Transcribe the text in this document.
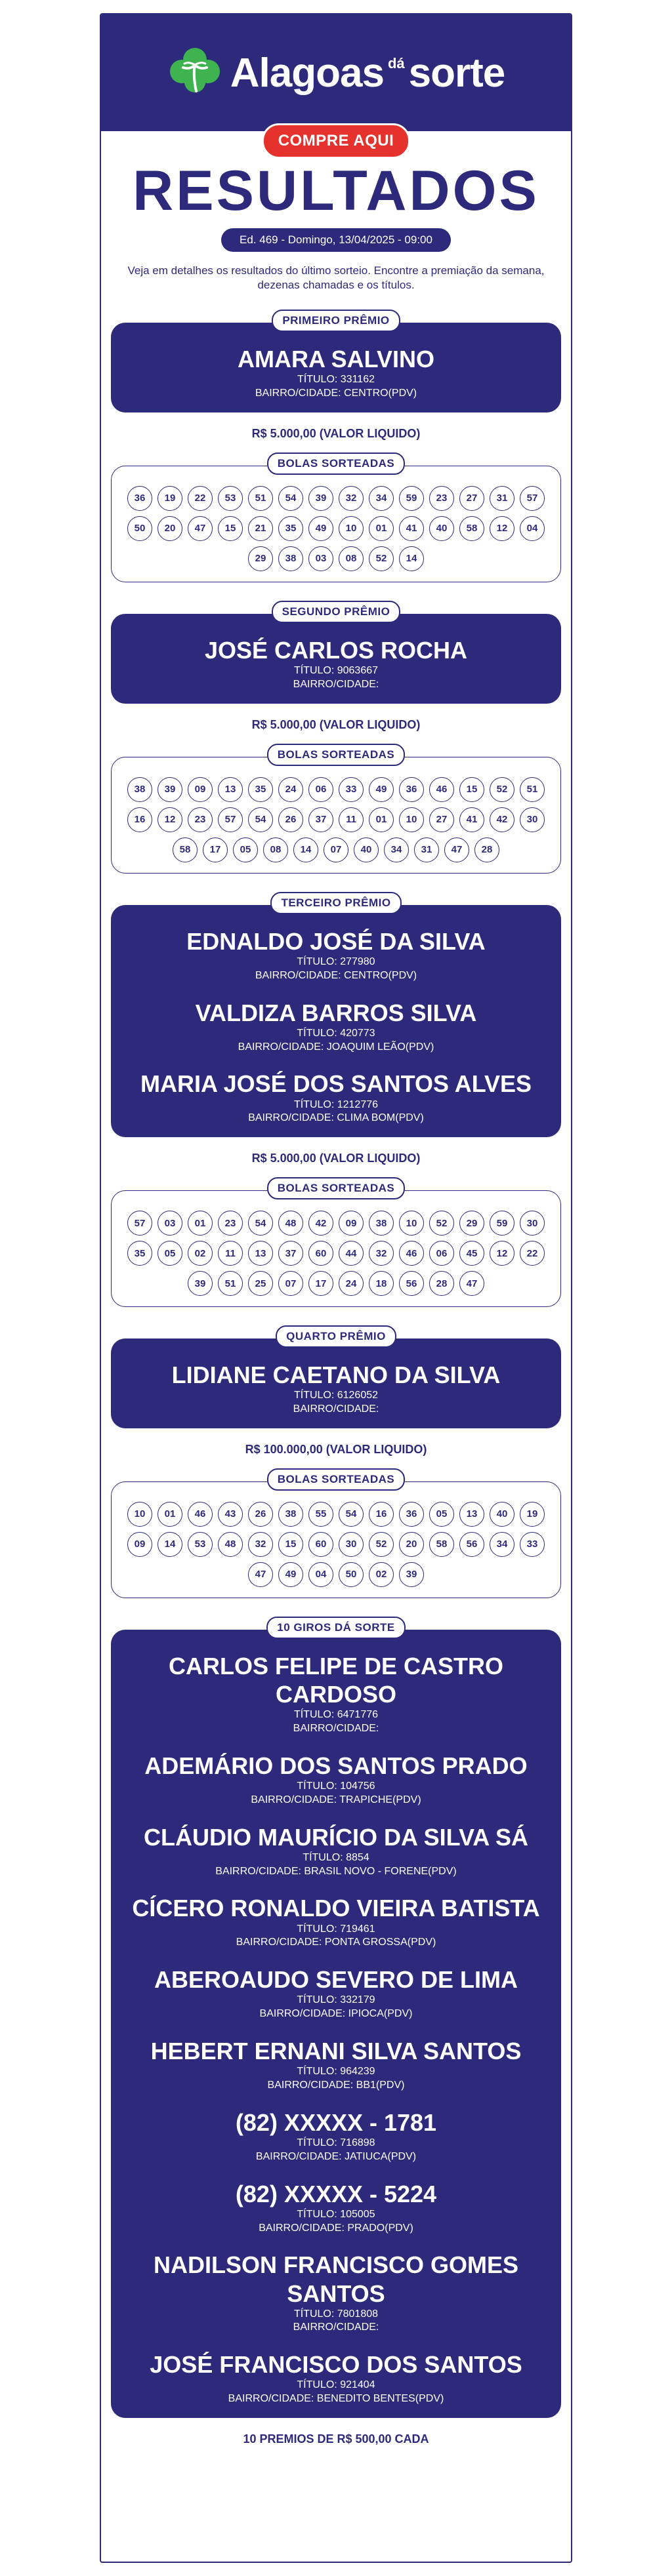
Alagoas dá sorte
COMPRE AQUI
RESULTADOS
Ed. 469 - Domingo, 13/04/2025 - 09:00
Veja em detalhes os resultados do último sorteio. Encontre a premiação da semana, dezenas chamadas e os títulos.
PRIMEIRO PRÊMIO
AMARA SALVINO
TÍTULO: 331162
BAIRRO/CIDADE: CENTRO(PDV)
R$ 5.000,00 (VALOR LIQUIDO)
BOLAS SORTEADAS
36	19	22	53	51	54	39	32	34	59	23	27	31	57
50	20	47	15	21	35	49	10	01	41	40	58	12	04
29	38	03	08	52	14
SEGUNDO PRÊMIO
JOSÉ CARLOS ROCHA
TÍTULO: 9063667
BAIRRO/CIDADE:
R$ 5.000,00 (VALOR LIQUIDO)
BOLAS SORTEADAS
38	39	09	13	35	24	06	33	49	36	46	15	52	51
16	12	23	57	54	26	37	11	01	10	27	41	42	30
58	17	05	08	14	07	40	34	31	47	28
TERCEIRO PRÊMIO
EDNALDO JOSÉ DA SILVA
TÍTULO: 277980
BAIRRO/CIDADE: CENTRO(PDV)
VALDIZA BARROS SILVA
TÍTULO: 420773
BAIRRO/CIDADE: JOAQUIM LEÃO(PDV)
MARIA JOSÉ DOS SANTOS ALVES
TÍTULO: 1212776
BAIRRO/CIDADE: CLIMA BOM(PDV)
R$ 5.000,00 (VALOR LIQUIDO)
BOLAS SORTEADAS
57	03	01	23	54	48	42	09	38	10	52	29	59	30
35	05	02	11	13	37	60	44	32	46	06	45	12	22
39	51	25	07	17	24	18	56	28	47
QUARTO PRÊMIO
LIDIANE CAETANO DA SILVA
TÍTULO: 6126052
BAIRRO/CIDADE:
R$ 100.000,00 (VALOR LIQUIDO)
BOLAS SORTEADAS
10	01	46	43	26	38	55	54	16	36	05	13	40	19
09	14	53	48	32	15	60	30	52	20	58	56	34	33
47	49	04	50	02	39
10 GIROS DÁ SORTE
CARLOS FELIPE DE CASTRO CARDOSO
TÍTULO: 6471776
BAIRRO/CIDADE:
ADEMÁRIO DOS SANTOS PRADO
TÍTULO: 104756
BAIRRO/CIDADE: TRAPICHE(PDV)
CLÁUDIO MAURÍCIO DA SILVA SÁ
TÍTULO: 8854
BAIRRO/CIDADE: BRASIL NOVO - FORENE(PDV)
CÍCERO RONALDO VIEIRA BATISTA
TÍTULO: 719461
BAIRRO/CIDADE: PONTA GROSSA(PDV)
ABEROAUDO SEVERO DE LIMA
TÍTULO: 332179
BAIRRO/CIDADE: IPIOCA(PDV)
HEBERT ERNANI SILVA SANTOS
TÍTULO: 964239
BAIRRO/CIDADE: BB1(PDV)
(82) XXXXX - 1781
TÍTULO: 716898
BAIRRO/CIDADE: JATIUCA(PDV)
(82) XXXXX - 5224
TÍTULO: 105005
BAIRRO/CIDADE: PRADO(PDV)
NADILSON FRANCISCO GOMES SANTOS
TÍTULO: 7801808
BAIRRO/CIDADE:
JOSÉ FRANCISCO DOS SANTOS
TÍTULO: 921404
BAIRRO/CIDADE: BENEDITO BENTES(PDV)
10 PREMIOS DE R$ 500,00 CADA
